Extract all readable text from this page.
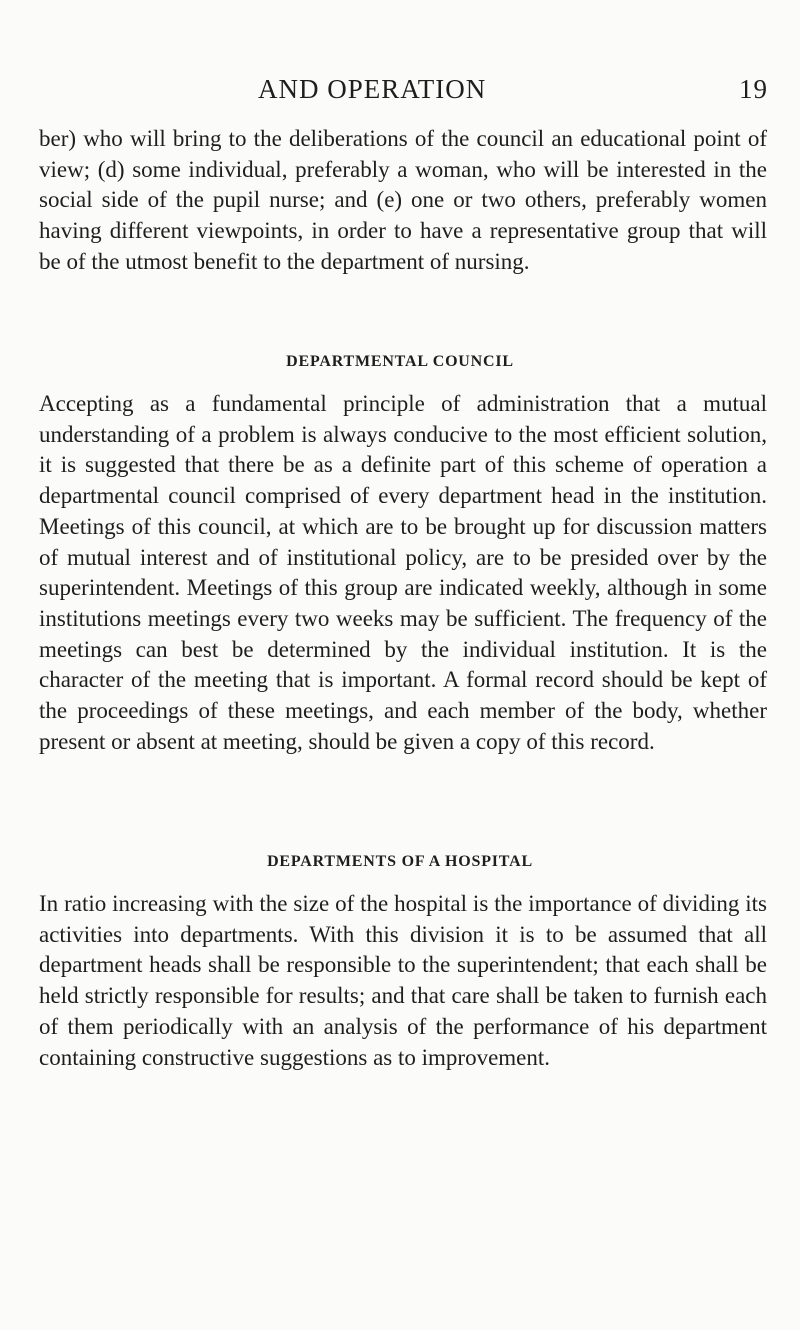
AND OPERATION	19

ber) who will bring to the deliberations of the council an educational point of view; (d) some individual, preferably a woman, who will be interested in the social side of the pupil nurse; and (e) one or two others, preferably women having different viewpoints, in order to have a representative group that will be of the utmost benefit to the department of nursing.

DEPARTMENTAL COUNCIL

Accepting as a fundamental principle of administration that a mutual understanding of a problem is always conducive to the most efficient solution, it is suggested that there be as a definite part of this scheme of operation a departmental council comprised of every department head in the institution. Meetings of this council, at which are to be brought up for discussion matters of mutual interest and of institutional policy, are to be presided over by the superintendent. Meetings of this group are indicated weekly, although in some institutions meetings every two weeks may be sufficient. The frequency of the meetings can best be determined by the individual institution. It is the character of the meeting that is important. A formal record should be kept of the proceedings of these meetings, and each member of the body, whether present or absent at meeting, should be given a copy of this record.

DEPARTMENTS OF A HOSPITAL

In ratio increasing with the size of the hospital is the importance of dividing its activities into departments. With this division it is to be assumed that all department heads shall be responsible to the superintendent; that each shall be held strictly responsible for results; and that care shall be taken to furnish each of them periodically with an analysis of the performance of his department containing constructive suggestions as to improvement.
